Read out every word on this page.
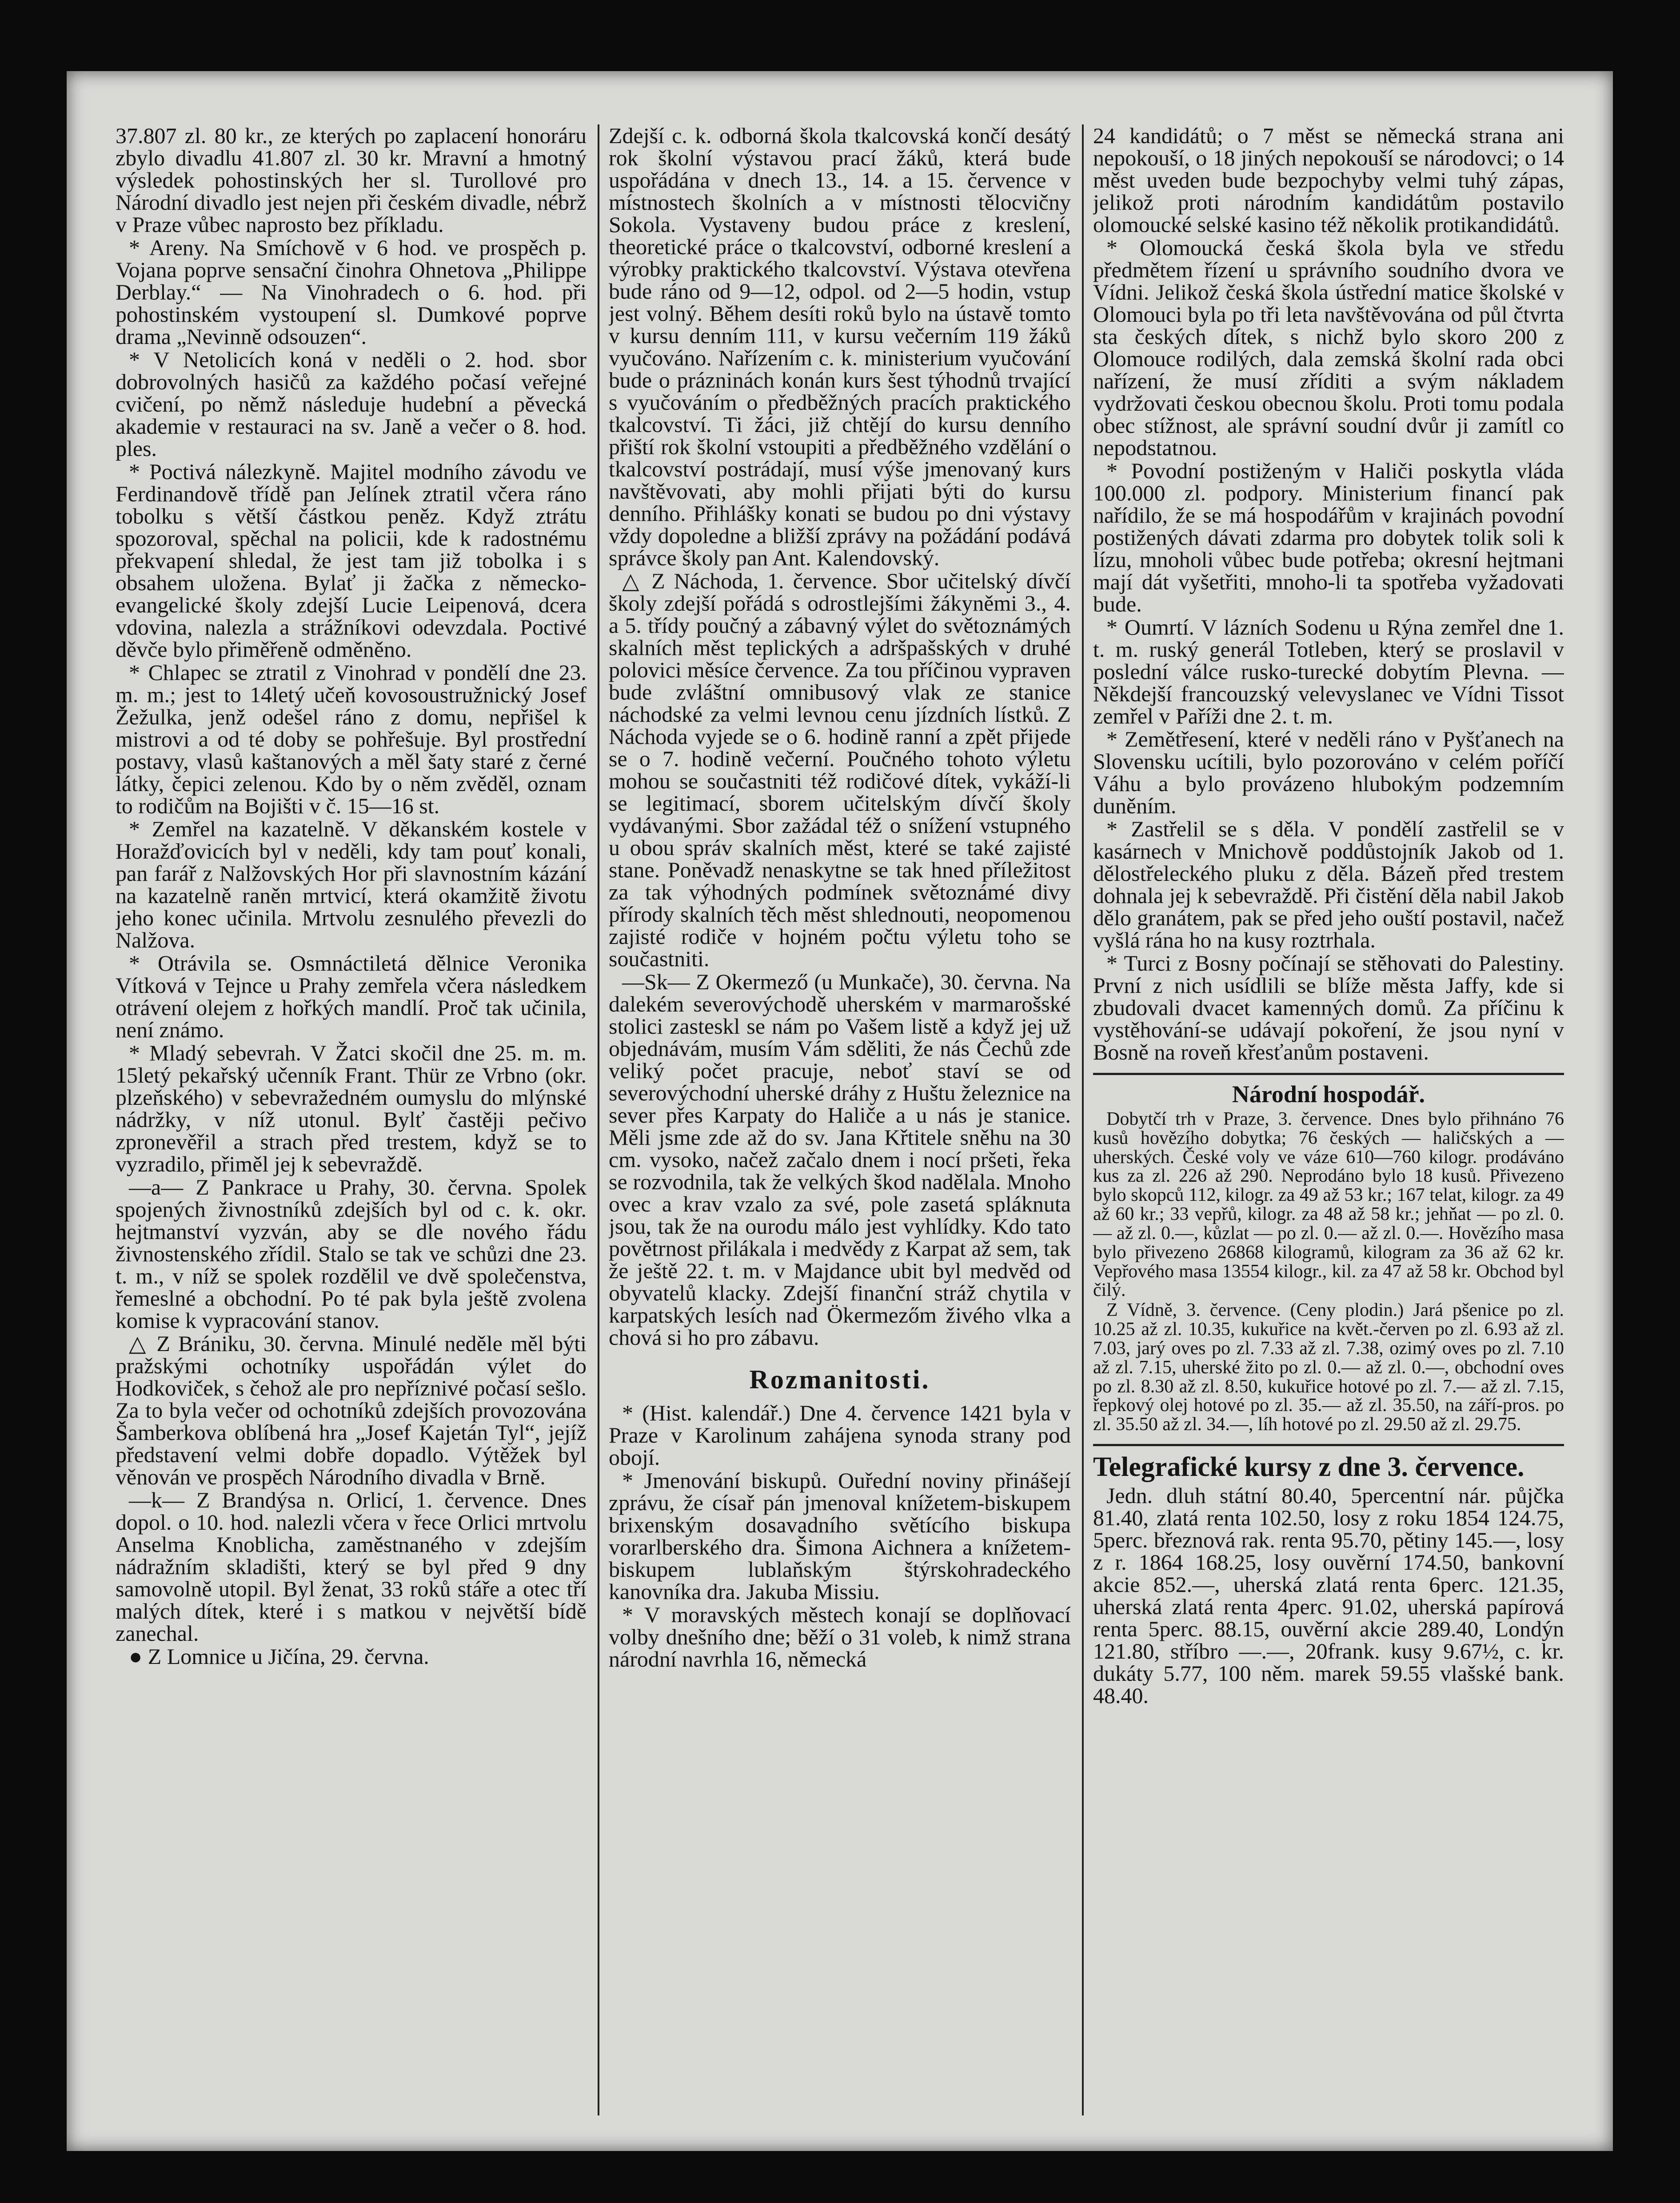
37.807 zl. 80 kr., ze kterých po zaplacení honoráru zbylo divadlu 41.807 zl. 30 kr. Mravní a hmotný výsledek pohostinských her sl. Turollové pro Národní divadlo jest nejen při českém divadle, nébrž v Praze vůbec naprosto bez příkladu.

* Areny. Na Smíchově v 6 hod. ve prospěch p. Vojana poprve sensační činohra Ohnetova „Philippe Derblay.“ — Na Vinohradech o 6. hod. při pohostinském vystoupení sl. Dumkové poprve drama „Nevinně odsouzen“.

* V Netolicích koná v neděli o 2. hod. sbor dobrovolných hasičů za každého počasí veřejné cvičení, po němž následuje hudební a pěvecká akademie v restauraci na sv. Janě a večer o 8. hod. ples.

* Poctivá nálezkyně. Majitel modního závodu ve Ferdinandově třídě pan Jelínek ztratil včera ráno tobolku s větší částkou peněz. Když ztrátu spozoroval, spěchal na policii, kde k radostnému překvapení shledal, že jest tam již tobolka i s obsahem uložena. Bylať ji žačka z německo-evangelické školy zdejší Lucie Leipenová, dcera vdovina, nalezla a strážníkovi odevzdala. Poctivé děvče bylo přiměřeně odměněno.

* Chlapec se ztratil z Vinohrad v pondělí dne 23. m. m.; jest to 14letý učeň kovosoustružnický Josef Žežulka, jenž odešel ráno z domu, nepřišel k mistrovi a od té doby se pohřešuje. Byl prostřední postavy, vlasů kaštanových a měl šaty staré z černé látky, čepici zelenou. Kdo by o něm zvěděl, oznam to rodičům na Bojišti v č. 15—16 st.

* Zemřel na kazatelně. V děkanském kostele v Horažďovicích byl v neděli, kdy tam pouť konali, pan farář z Nalžovských Hor při slavnostním kázání na kazatelně raněn mrtvicí, která okamžitě životu jeho konec učinila. Mrtvolu zesnulého převezli do Nalžova.

* Otrávila se. Osmnáctiletá dělnice Veronika Vítková v Tejnce u Prahy zemřela včera následkem otrávení olejem z hořkých mandlí. Proč tak učinila, není známo.

* Mladý sebevrah. V Žatci skočil dne 25. m. m. 15letý pekařský učenník Frant. Thür ze Vrbno (okr. plzeňského) v sebevražedném oumyslu do mlýnské nádržky, v níž utonul. Bylť častěji pečivo zpronevěřil a strach před trestem, když se to vyzradilo, přiměl jej k sebevraždě.

—a— Z Pankrace u Prahy, 30. června. Spolek spojených živnostníků zdejších byl od c. k. okr. hejtmanství vyzván, aby se dle nového řádu živnostenského zřídil. Stalo se tak ve schůzi dne 23. t. m., v níž se spolek rozdělil ve dvě společenstva, řemeslné a obchodní. Po té pak byla ještě zvolena komise k vypracování stanov.

△ Z Brániku, 30. června. Minulé neděle měl býti pražskými ochotníky uspořádán výlet do Hodkoviček, s čehož ale pro nepříznivé počasí sešlo. Za to byla večer od ochotníků zdejších provozována Šamberkova oblíbená hra „Josef Kajetán Tyl“, jejíž představení velmi dobře dopadlo. Výtěžek byl věnován ve prospěch Národního divadla v Brně.

—k— Z Brandýsa n. Orlicí, 1. července. Dnes dopol. o 10. hod. nalezli včera v řece Orlici mrtvolu Anselma Knoblicha, zaměstnaného v zdejším nádražním skladišti, který se byl před 9 dny samovolně utopil. Byl ženat, 33 roků stáře a otec tří malých dítek, které i s matkou v největší bídě zanechal.

● Z Lomnice u Jičína, 29. června.

Zdejší c. k. odborná škola tkalcovská končí desátý rok školní výstavou prací žáků, která bude uspořádána v dnech 13., 14. a 15. července v místnostech školních a v místnosti tělocvičny Sokola. Vystaveny budou práce z kreslení, theoretické práce o tkalcovství, odborné kreslení a výrobky praktického tkalcovství. Výstava otevřena bude ráno od 9—12, odpol. od 2—5 hodin, vstup jest volný. Během desíti roků bylo na ústavě tomto v kursu denním 111, v kursu večerním 119 žáků vyučováno. Nařízením c. k. ministerium vyučování bude o prázninách konán kurs šest týhodnů trvající s vyučováním o předběžných pracích praktického tkalcovství. Ti žáci, již chtějí do kursu denního přiští rok školní vstoupiti a předběžného vzdělání o tkalcovství postrádají, musí výše jmenovaný kurs navštěvovati, aby mohli přijati býti do kursu denního. Přihlášky konati se budou po dni výstavy vždy dopoledne a bližší zprávy na požádání podává správce školy pan Ant. Kalendovský.

△ Z Náchoda, 1. července. Sbor učitelský dívčí školy zdejší pořádá s odrostlejšími žákyněmi 3., 4. a 5. třídy poučný a zábavný výlet do světoznámých skalních měst teplických a adršpašských v druhé polovici měsíce července. Za tou příčinou vypraven bude zvláštní omnibusový vlak ze stanice náchodské za velmi levnou cenu jízdních lístků. Z Náchoda vyjede se o 6. hodině ranní a zpět přijede se o 7. hodině večerní. Poučného tohoto výletu mohou se součastniti též rodičové dítek, vykáží-li se legitimací, sborem učitelským dívčí školy vydávanými. Sbor zažádal též o snížení vstupného u obou správ skalních měst, které se také zajisté stane. Poněvadž nenaskytne se tak hned příležitost za tak výhodných podmínek světoznámé divy přírody skalních těch měst shlednouti, neopomenou zajisté rodiče v hojném počtu výletu toho se součastniti.

—Sk— Z Okermező (u Munkače), 30. června. Na dalekém severovýchodě uherském v marmarošské stolici zasteskl se nám po Vašem listě a když jej už objednávám, musím Vám sděliti, že nás Čechů zde veliký počet pracuje, neboť staví se od severovýchodní uherské dráhy z Huštu železnice na sever přes Karpaty do Haliče a u nás je stanice. Měli jsme zde až do sv. Jana Křtitele sněhu na 30 cm. vysoko, načež začalo dnem i nocí pršeti, řeka se rozvodnila, tak že velkých škod nadělala. Mnoho ovec a krav vzalo za své, pole zasetá spláknuta jsou, tak že na ourodu málo jest vyhlídky. Kdo tato povětrnost přilákala i medvědy z Karpat až sem, tak že ještě 22. t. m. v Majdance ubit byl medvěd od obyvatelů klacky. Zdejší finanční stráž chytila v karpatských lesích nad Ökermezőm živého vlka a chová si ho pro zábavu.

Rozmanitosti.

* (Hist. kalendář.) Dne 4. července 1421 byla v Praze v Karolinum zahájena synoda strany pod obojí.

* Jmenování biskupů. Ouřední noviny přinášejí zprávu, že císař pán jmenoval knížetem-biskupem brixenským dosavadního světícího biskupa vorarlberského dra. Šimona Aichnera a knížetem-biskupem lublaňským štýrskohradeckého kanovníka dra. Jakuba Missiu.

* V moravských městech konají se doplňovací volby dnešního dne; běží o 31 voleb, k nimž strana národní navrhla 16, německá

24 kandidátů; o 7 měst se německá strana ani nepokouší, o 18 jiných nepokouší se národovci; o 14 měst uveden bude bezpochyby velmi tuhý zápas, jelikož proti národním kandidátům postavilo olomoucké selské kasino též několik protikandidátů.

* Olomoucká česká škola byla ve středu předmětem řízení u správního soudního dvora ve Vídni. Jelikož česká škola ústřední matice školské v Olomouci byla po tři leta navštěvována od půl čtvrta sta českých dítek, s nichž bylo skoro 200 z Olomouce rodilých, dala zemská školní rada obci nařízení, že musí zříditi a svým nákladem vydržovati českou obecnou školu. Proti tomu podala obec stížnost, ale správní soudní dvůr ji zamítl co nepodstatnou.

* Povodní postiženým v Haliči poskytla vláda 100.000 zl. podpory. Ministerium financí pak nařídilo, že se má hospodářům v krajinách povodní postižených dávati zdarma pro dobytek tolik soli k lízu, mnoholi vůbec bude potřeba; okresní hejtmani mají dát vyšetřiti, mnoho-li ta spotřeba vyžadovati bude.

* Oumrtí. V lázních Sodenu u Rýna zemřel dne 1. t. m. ruský generál Totleben, který se proslavil v poslední válce rusko-turecké dobytím Plevna. — Někdejší francouzský velevyslanec ve Vídni Tissot zemřel v Paříži dne 2. t. m.

* Zemětřesení, které v neděli ráno v Pyšťanech na Slovensku ucítili, bylo pozorováno v celém poříčí Váhu a bylo provázeno hlubokým podzemním duněním.

* Zastřelil se s děla. V pondělí zastřelil se v kasárnech v Mnichově poddůstojník Jakob od 1. dělostřeleckého pluku z děla. Bázeň před trestem dohnala jej k sebevraždě. Při čistění děla nabil Jakob dělo granátem, pak se před jeho ouští postavil, načež vyšlá rána ho na kusy roztrhala.

* Turci z Bosny počínají se stěhovati do Palestiny. První z nich usídlili se blíže města Jaffy, kde si zbudovali dvacet kamenných domů. Za příčinu k vystěhování-se udávají pokoření, že jsou nyní v Bosně na roveň křesťanům postaveni.

Národní hospodář.

Dobytčí trh v Praze, 3. července. Dnes bylo přihnáno 76 kusů hovězího dobytka; 76 českých — haličských a — uherských. České voly ve váze 610—760 kilogr. prodáváno kus za zl. 226 až 290. Neprodáno bylo 18 kusů. Přivezeno bylo skopců 112, kilogr. za 49 až 53 kr.; 167 telat, kilogr. za 49 až 60 kr.; 33 vepřů, kilogr. za 48 až 58 kr.; jehňat — po zl. 0.— až zl. 0.—, kůzlat — po zl. 0.— až zl. 0.—. Hovězího masa bylo přivezeno 26868 kilogramů, kilogram za 36 až 62 kr. Vepřového masa 13554 kilogr., kil. za 47 až 58 kr. Obchod byl čilý.

Z Vídně, 3. července. (Ceny plodin.) Jará pšenice po zl. 10.25 až zl. 10.35, kukuřice na květ.-červen po zl. 6.93 až zl. 7.03, jarý oves po zl. 7.33 až zl. 7.38, ozimý oves po zl. 7.10 až zl. 7.15, uherské žito po zl. 0.— až zl. 0.—, obchodní oves po zl. 8.30 až zl. 8.50, kukuřice hotové po zl. 7.— až zl. 7.15, řepkový olej hotové po zl. 35.— až zl. 35.50, na září-pros. po zl. 35.50 až zl. 34.—, líh hotové po zl. 29.50 až zl. 29.75.

Telegrafické kursy z dne 3. července.

Jedn. dluh státní 80.40, 5percentní nár. půjčka 81.40, zlatá renta 102.50, losy z roku 1854 124.75, 5perc. březnová rak. renta 95.70, pětiny 145.—, losy z r. 1864 168.25, losy ouvěrní 174.50, bankovní akcie 852.—, uherská zlatá renta 6perc. 121.35, uherská zlatá renta 4perc. 91.02, uherská papírová renta 5perc. 88.15, ouvěrní akcie 289.40, Londýn 121.80, stříbro —.—, 20frank. kusy 9.67½, c. kr. dukáty 5.77, 100 něm. marek 59.55 vlašské bank. 48.40.
